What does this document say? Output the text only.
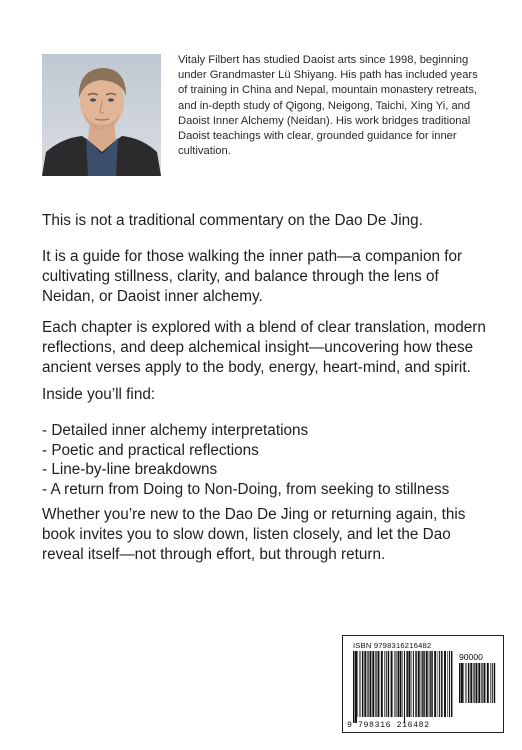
Vitaly Filbert has studied Daoist arts since 1998, beginning under Grandmaster Lü Shiyang. His path has included years of training in China and Nepal, mountain monastery retreats, and in-depth study of Qigong, Neigong, Taichi, Xing Yi, and Daoist Inner Alchemy (Neidan). His work bridges traditional Daoist teachings with clear, grounded guidance for inner cultivation.

This is not a traditional commentary on the Dao De Jing.

It is a guide for those walking the inner path—a companion for cultivating stillness, clarity, and balance through the lens of Neidan, or Daoist inner alchemy.

Each chapter is explored with a blend of clear translation, modern reflections, and deep alchemical insight—uncovering how these ancient verses apply to the body, energy, heart-mind, and spirit.

Inside you’ll find:

- Detailed inner alchemy interpretations
- Poetic and practical reflections
- Line-by-line breakdowns
- A return from Doing to Non-Doing, from seeking to stillness

Whether you’re new to the Dao De Jing or returning again, this book invites you to slow down, listen closely, and let the Dao reveal itself—not through effort, but through return.

ISBN 9798316216482
90000
9 798316 216482
